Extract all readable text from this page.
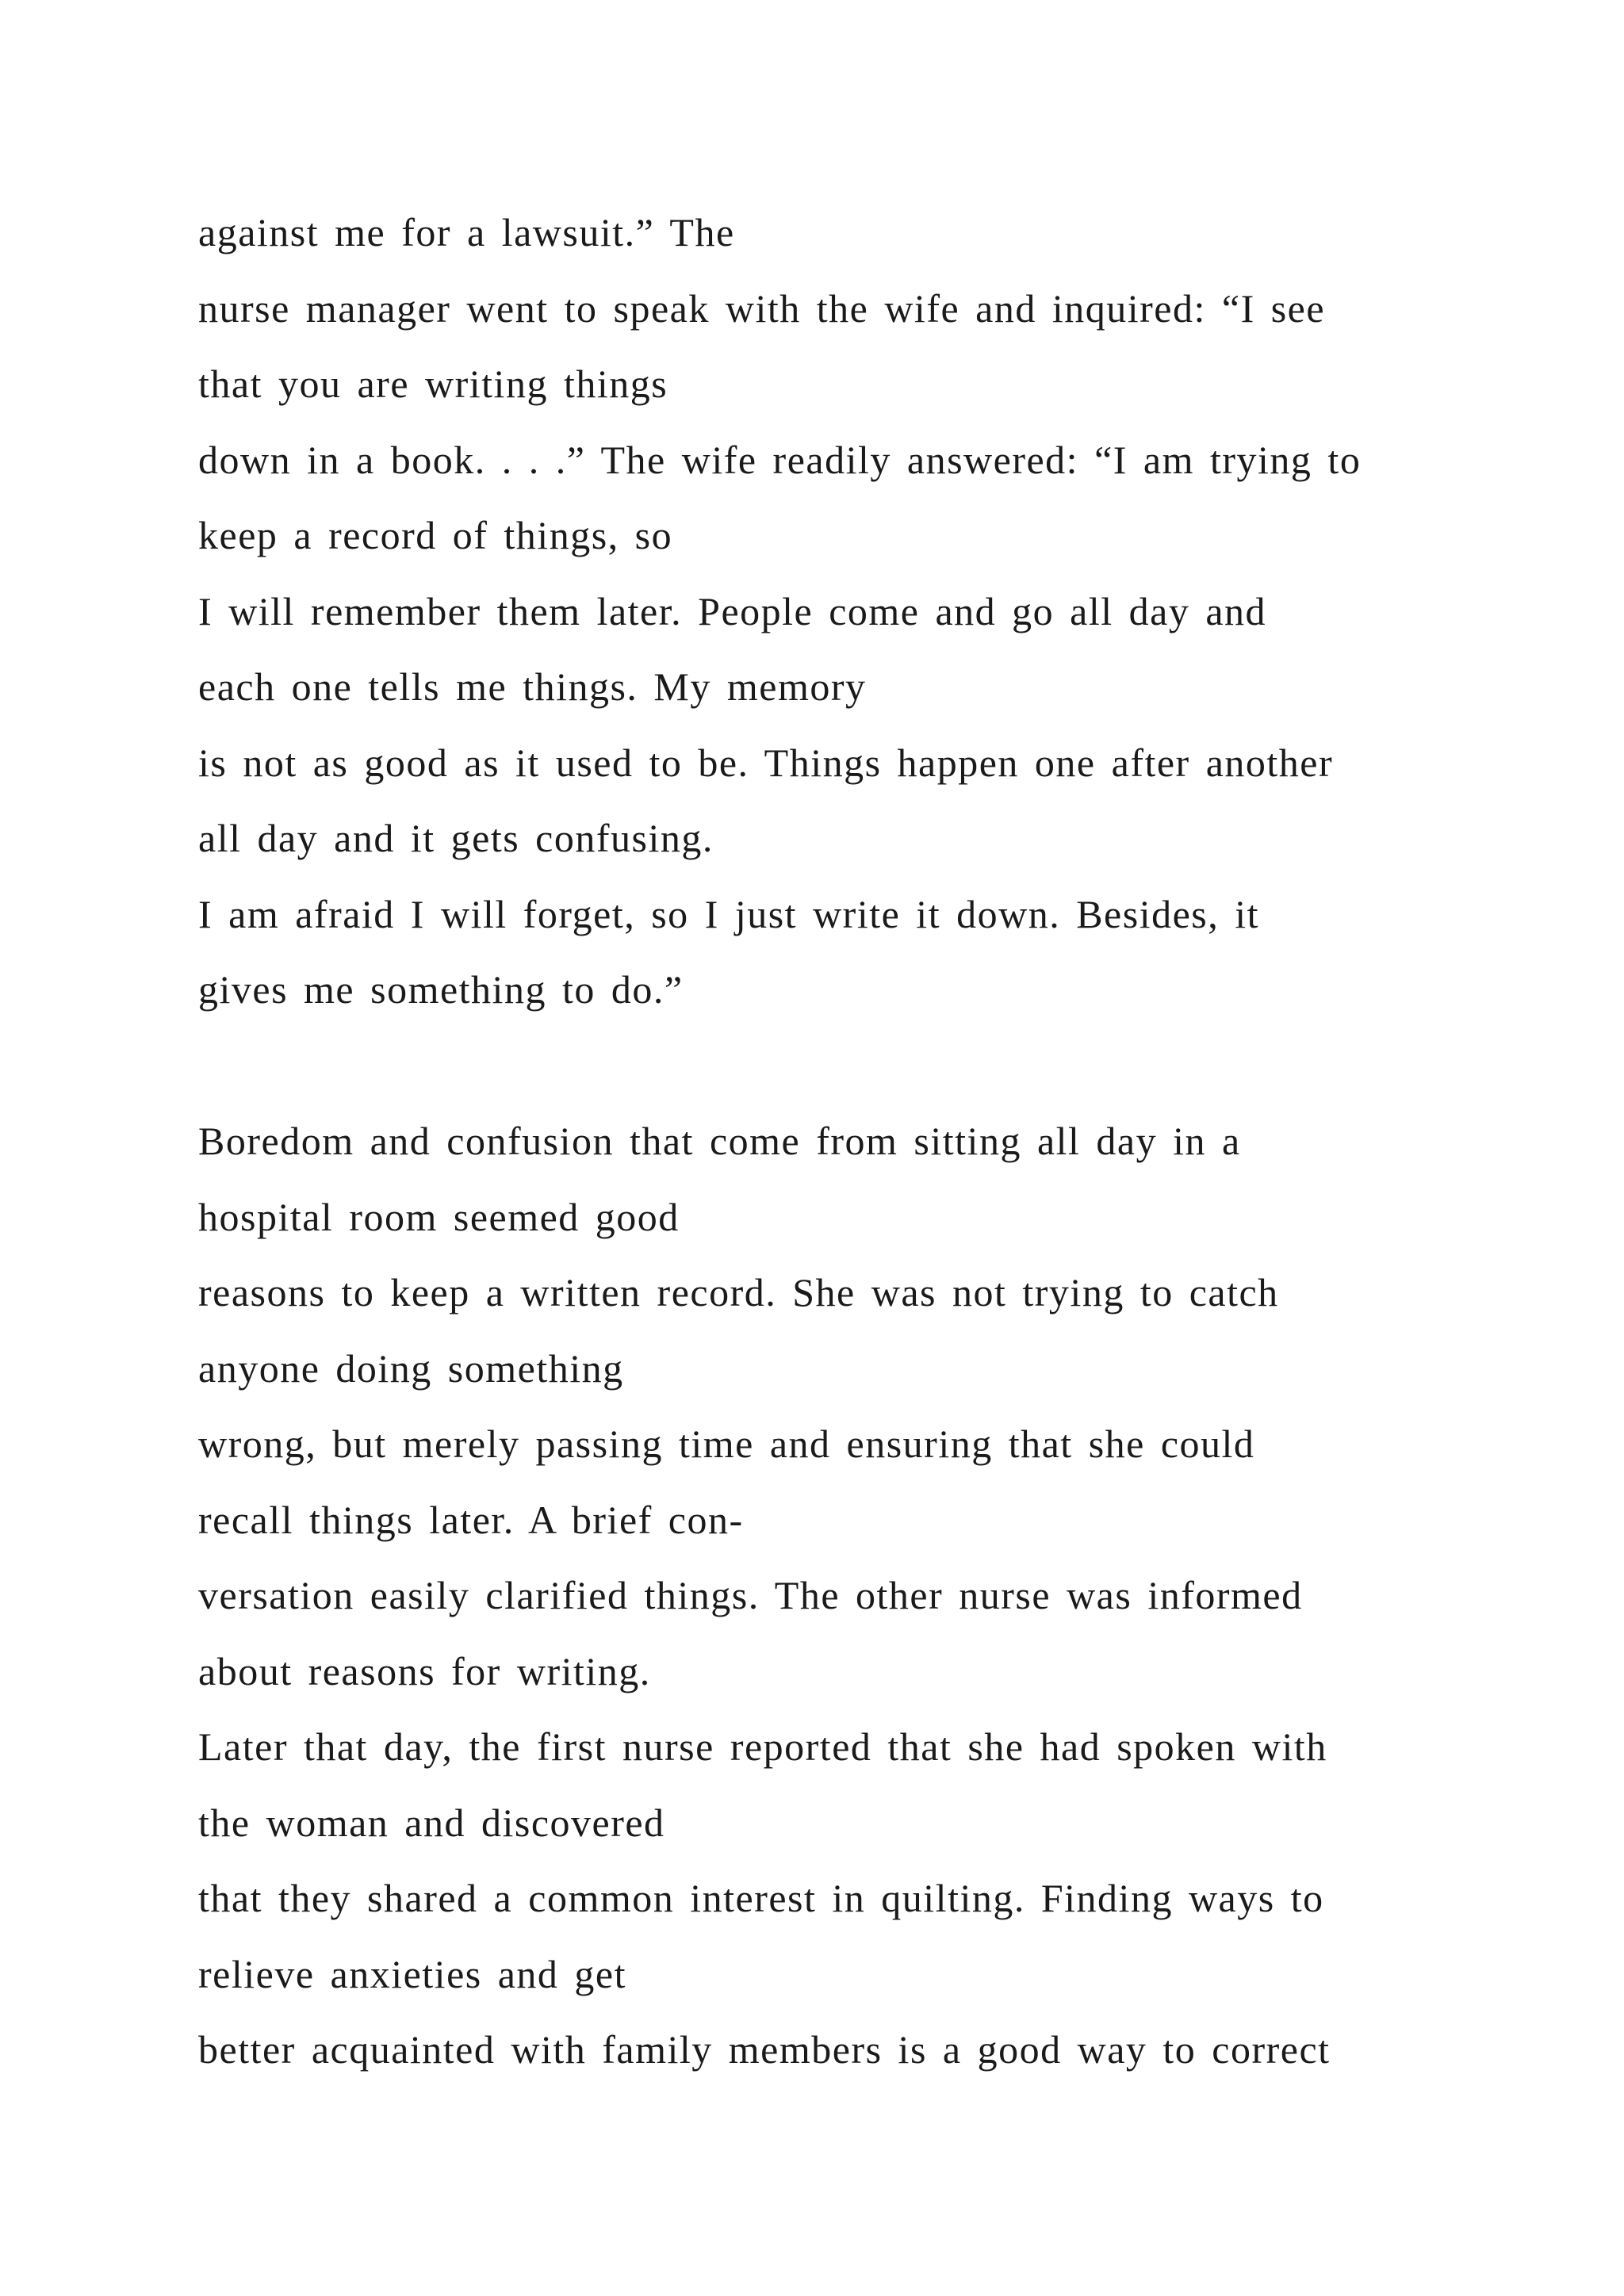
against me for a lawsuit.” The
nurse manager went to speak with the wife and inquired: “I see
that you are writing things
down in a book. . . .” The wife readily answered: “I am trying to
keep a record of things, so
I will remember them later. People come and go all day and
each one tells me things. My memory
is not as good as it used to be. Things happen one after another
all day and it gets confusing.
I am afraid I will forget, so I just write it down. Besides, it
gives me something to do.”
Boredom and confusion that come from sitting all day in a
hospital room seemed good
reasons to keep a written record. She was not trying to catch
anyone doing something
wrong, but merely passing time and ensuring that she could
recall things later. A brief con-
versation easily clarified things. The other nurse was informed
about reasons for writing.
Later that day, the first nurse reported that she had spoken with
the woman and discovered
that they shared a common interest in quilting. Finding ways to
relieve anxieties and get
better acquainted with family members is a good way to correct
